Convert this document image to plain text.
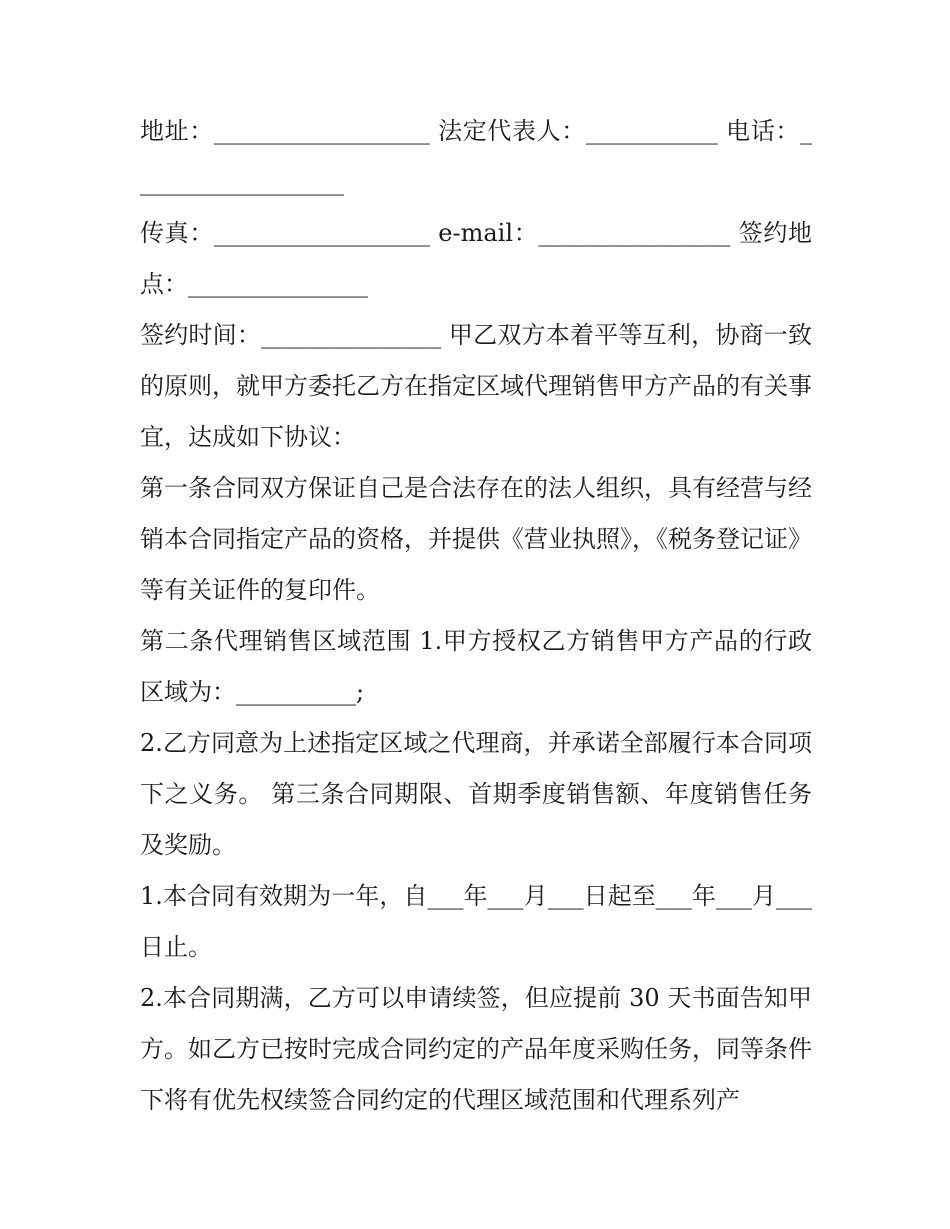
地址：__________________ 法定代表人：___________ 电话：__________________

传真：__________________ e-mail：________________ 签约地点：_______________

签约时间：_______________ 甲乙双方本着平等互利，协商一致的原则，就甲方委托乙方在指定区域代理销售甲方产品的有关事宜，达成如下协议：

第一条合同双方保证自己是合法存在的法人组织，具有经营与经销本合同指定产品的资格，并提供《营业执照》，《税务登记证》等有关证件的复印件。

第二条代理销售区域范围 1.甲方授权乙方销售甲方产品的行政区域为：__________;

2.乙方同意为上述指定区域之代理商，并承诺全部履行本合同项下之义务。 第三条合同期限、首期季度销售额、年度销售任务及奖励。

1.本合同有效期为一年，自___年___月___日起至___年___月___日止。

2.本合同期满，乙方可以申请续签，但应提前 30 天书面告知甲方。如乙方已按时完成合同约定的产品年度采购任务，同等条件下将有优先权续签合同约定的代理区域范围和代理系列产
